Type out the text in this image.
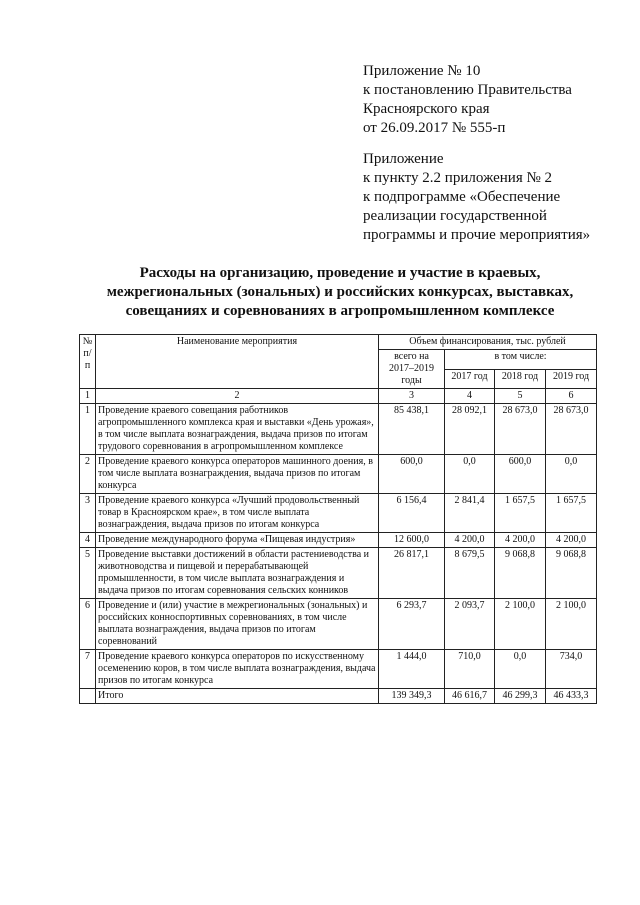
Приложение № 10
к постановлению Правительства
Красноярского края
от 26.09.2017 № 555-п
Приложение
к пункту 2.2 приложения № 2
к подпрограмме «Обеспечение
реализации государственной
программы и прочие мероприятия»
Расходы на организацию, проведение и участие в краевых,
межрегиональных (зональных) и российских конкурсах, выставках,
совещаниях и соревнованиях в агропромышленном комплексе
№ п/п	Наименование мероприятия	Объем финансирования, тыс. рублей			
		всего на 2017–2019 годы	в том числе:		
			2017 год	2018 год	2019 год
1	2	3	4	5	6
1	Проведение краевого совещания работников агропромышленного комплекса края и выставки «День урожая», в том числе выплата вознаграждения, выдача призов по итогам трудового соревнования в агропромышленном комплексе	85 438,1	28 092,1	28 673,0	28 673,0
2	Проведение краевого конкурса операторов машинного доения, в том числе выплата вознаграждения, выдача призов по итогам конкурса	600,0	0,0	600,0	0,0
3	Проведение краевого конкурса «Лучший продовольственный товар в Красноярском крае», в том числе выплата вознаграждения, выдача призов по итогам конкурса	6 156,4	2 841,4	1 657,5	1 657,5
4	Проведение международного форума «Пищевая индустрия»	12 600,0	4 200,0	4 200,0	4 200,0
5	Проведение выставки достижений в области растениеводства и животноводства и пищевой и перерабатывающей промышленности, в том числе выплата вознаграждения и выдача призов по итогам соревнования сельских конников	26 817,1	8 679,5	9 068,8	9 068,8
6	Проведение и (или) участие в межрегиональных (зональных) и российских конноспортивных соревнованиях, в том числе выплата вознаграждения, выдача призов по итогам соревнований	6 293,7	2 093,7	2 100,0	2 100,0
7	Проведение краевого конкурса операторов по искусственному осеменению коров, в том числе выплата вознаграждения, выдача призов по итогам конкурса	1 444,0	710,0	0,0	734,0
	Итого	139 349,3	46 616,7	46 299,3	46 433,3
